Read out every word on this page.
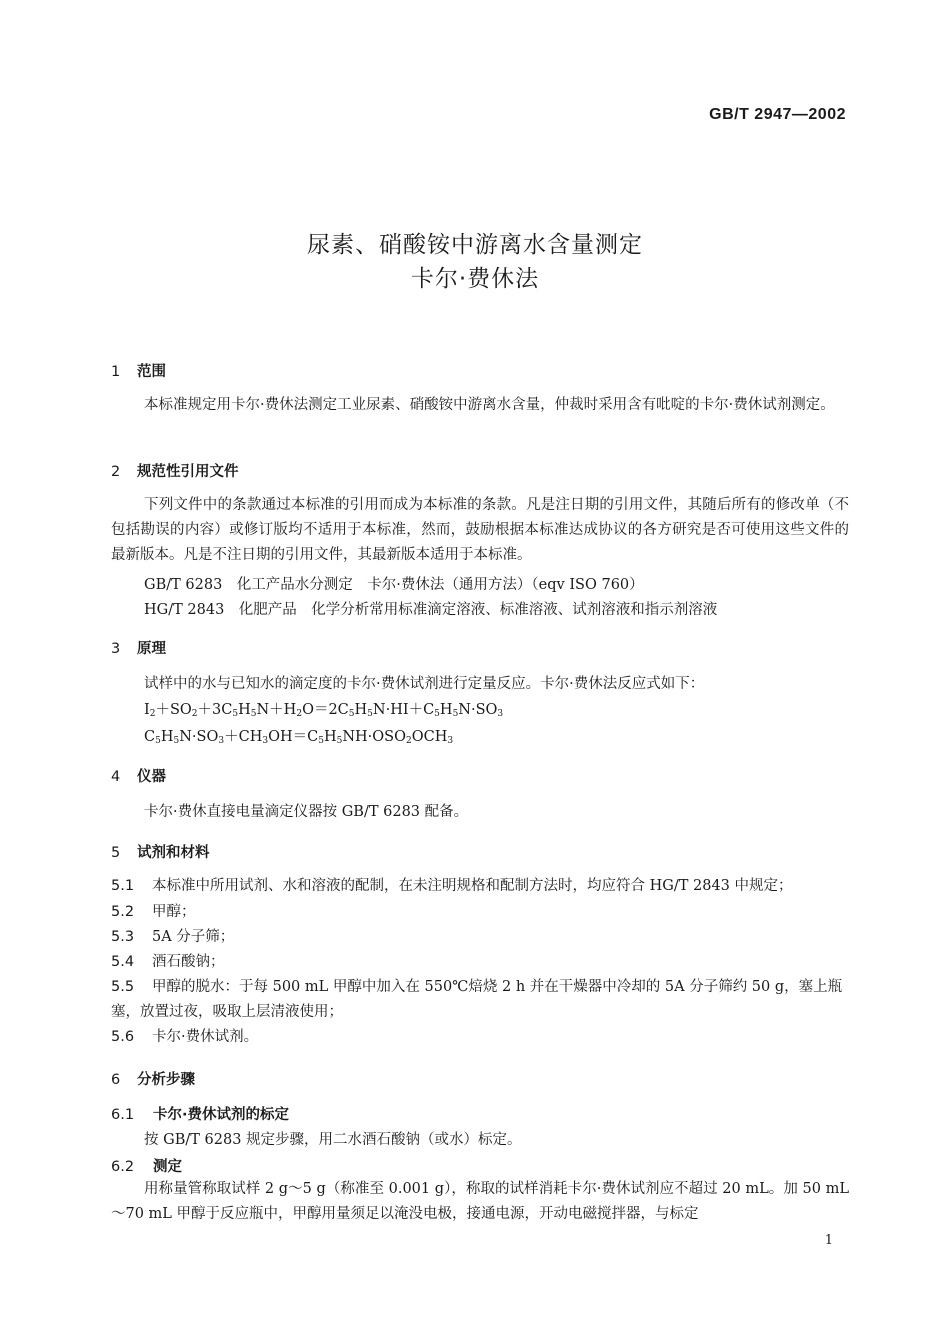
GB/T 2947—2002
尿素、硝酸铵中游离水含量测定
卡尔·费休法
1 范围
本标准规定用卡尔·费休法测定工业尿素、硝酸铵中游离水含量，仲裁时采用含有吡啶的卡尔·费休试剂测定。
2 规范性引用文件
下列文件中的条款通过本标准的引用而成为本标准的条款。凡是注日期的引用文件，其随后所有的修改单（不包括勘误的内容）或修订版均不适用于本标准，然而，鼓励根据本标准达成协议的各方研究是否可使用这些文件的最新版本。凡是不注日期的引用文件，其最新版本适用于本标准。
GB/T 6283　化工产品水分测定　卡尔·费休法（通用方法）（eqv ISO 760）
HG/T 2843　化肥产品　化学分析常用标准滴定溶液、标准溶液、试剂溶液和指示剂溶液
3 原理
试样中的水与已知水的滴定度的卡尔·费休试剂进行定量反应。卡尔·费休法反应式如下：
$I_2+SO_2+3C_5H_5N+H_2O=2C_5H_5N\cdot HI+C_5H_5N\cdot SO_3$
$C_5H_5N\cdot SO_3+CH_3OH=C_5H_5NH\cdot OSO_2OCH_3$
4 仪器
卡尔·费休直接电量滴定仪器按 GB/T 6283 配备。
5 试剂和材料
5.1 本标准中所用试剂、水和溶液的配制，在未注明规格和配制方法时，均应符合 HG/T 2843 中规定；
5.2 甲醇；
5.3 5A 分子筛；
5.4 酒石酸钠；
5.5 甲醇的脱水：于每 500 mL 甲醇中加入在 550℃焙烧 2 h 并在干燥器中冷却的 5A 分子筛约 50 g，塞上瓶塞，放置过夜，吸取上层清液使用；
5.6 卡尔·费休试剂。
6 分析步骤
6.1 卡尔·费休试剂的标定
按 GB/T 6283 规定步骤，用二水酒石酸钠（或水）标定。
6.2 测定
用称量管称取试样 2 g～5 g（称准至 0.001 g），称取的试样消耗卡尔·费休试剂应不超过 20 mL。加 50 mL～70 mL 甲醇于反应瓶中，甲醇用量须足以淹没电极，接通电源，开动电磁搅拌器，与标定
1
